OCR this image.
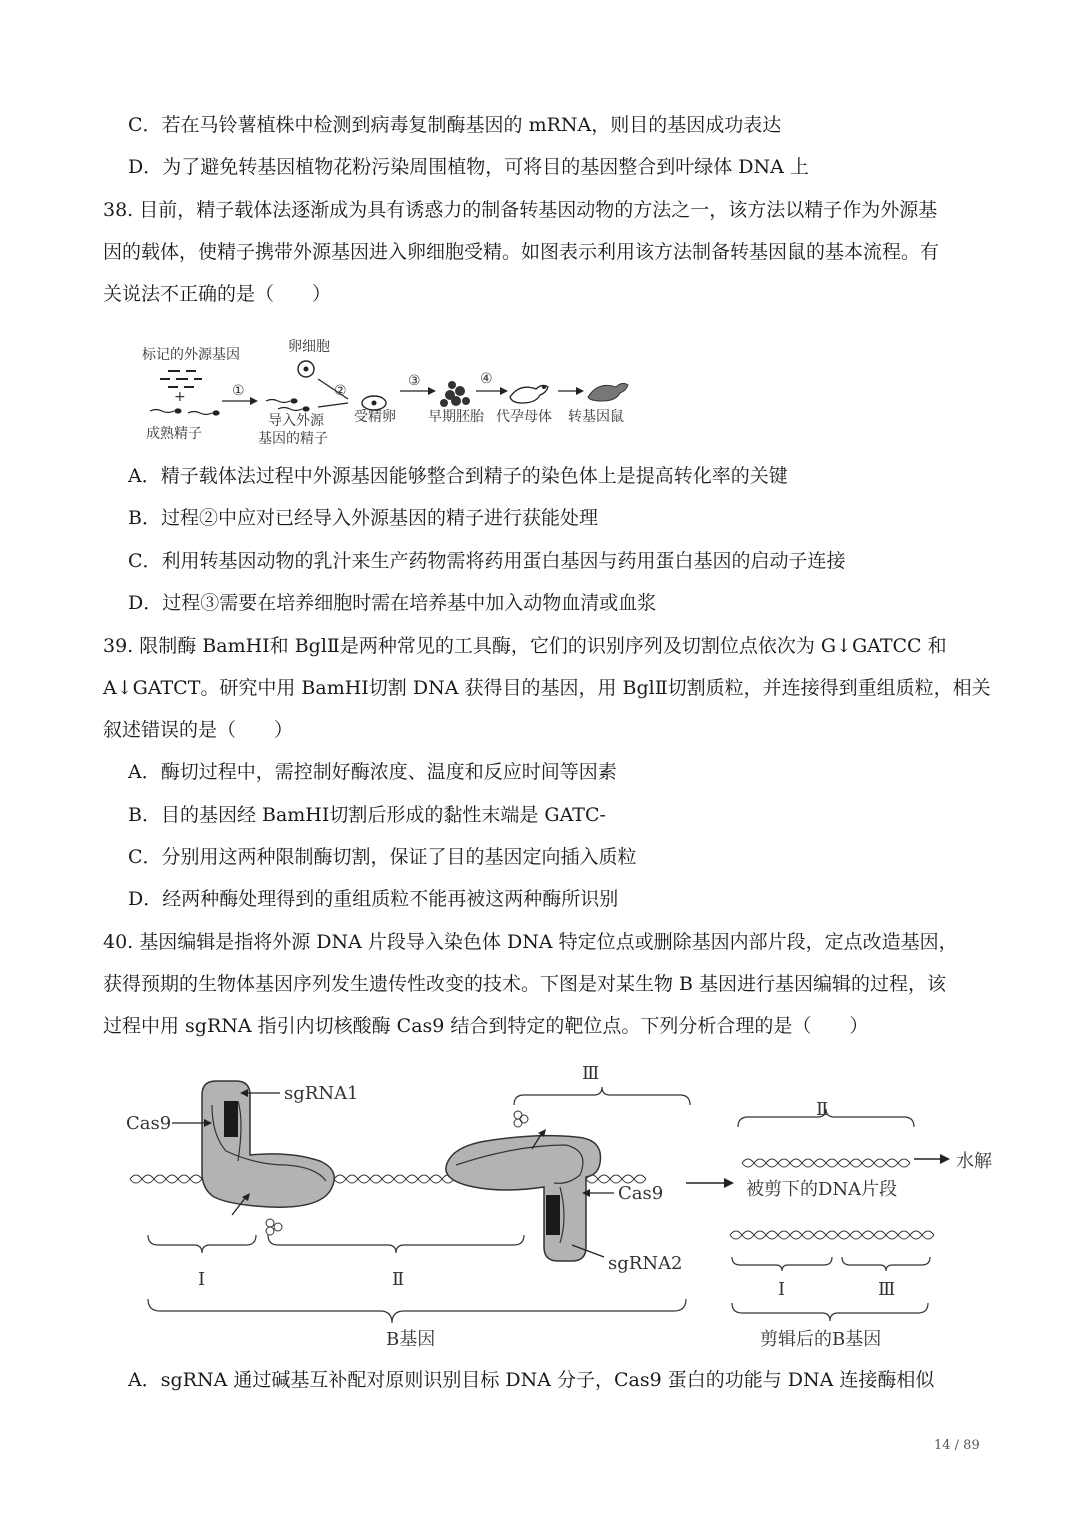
C．若在马铃薯植株中检测到病毒复制酶基因的 mRNA，则目的基因成功表达
D．为了避免转基因植物花粉污染周围植物，可将目的基因整合到叶绿体 DNA 上
38. 目前，精子载体法逐渐成为具有诱惑力的制备转基因动物的方法之一，该方法以精子作为外源基
因的载体，使精子携带外源基因进入卵细胞受精。如图表示利用该方法制备转基因鼠的基本流程。有
关说法不正确的是（　　）
标记的外源基因
+
成熟精子
①
导入外源
基因的精子
卵细胞
②
受精卵
③
早期胚胎
④
代孕母体 转基因鼠
A．精子载体法过程中外源基因能够整合到精子的染色体上是提高转化率的关键
B．过程②中应对已经导入外源基因的精子进行获能处理
C．利用转基因动物的乳汁来生产药物需将药用蛋白基因与药用蛋白基因的启动子连接
D．过程③需要在培养细胞时需在培养基中加入动物血清或血浆
39. 限制酶 BamHI和 BglⅡ是两种常见的工具酶，它们的识别序列及切割位点依次为 G↓GATCC 和
A↓GATCT。研究中用 BamHI切割 DNA 获得目的基因，用 BglⅡ切割质粒，并连接得到重组质粒，相关
叙述错误的是（　　）
A．酶切过程中，需控制好酶浓度、温度和反应时间等因素
B．目的基因经 BamHI切割后形成的黏性末端是 GATC-
C．分别用这两种限制酶切割，保证了目的基因定向插入质粒
D．经两种酶处理得到的重组质粒不能再被这两种酶所识别
40. 基因编辑是指将外源 DNA 片段导入染色体 DNA 特定位点或删除基因内部片段，定点改造基因，
获得预期的生物体基因序列发生遗传性改变的技术。下图是对某生物 B 基因进行基因编辑的过程，该
过程中用 sgRNA 指引内切核酸酶 Cas9 结合到特定的靶位点。下列分析合理的是（　　）
Cas9
sgRNA1
Cas9
sgRNA2
Ⅲ
Ⅰ	Ⅱ
B基因
Ⅱ
水解
被剪下的DNA片段
Ⅰ	Ⅲ
剪辑后的B基因
A．sgRNA 通过碱基互补配对原则识别目标 DNA 分子，Cas9 蛋白的功能与 DNA 连接酶相似
14 / 89
